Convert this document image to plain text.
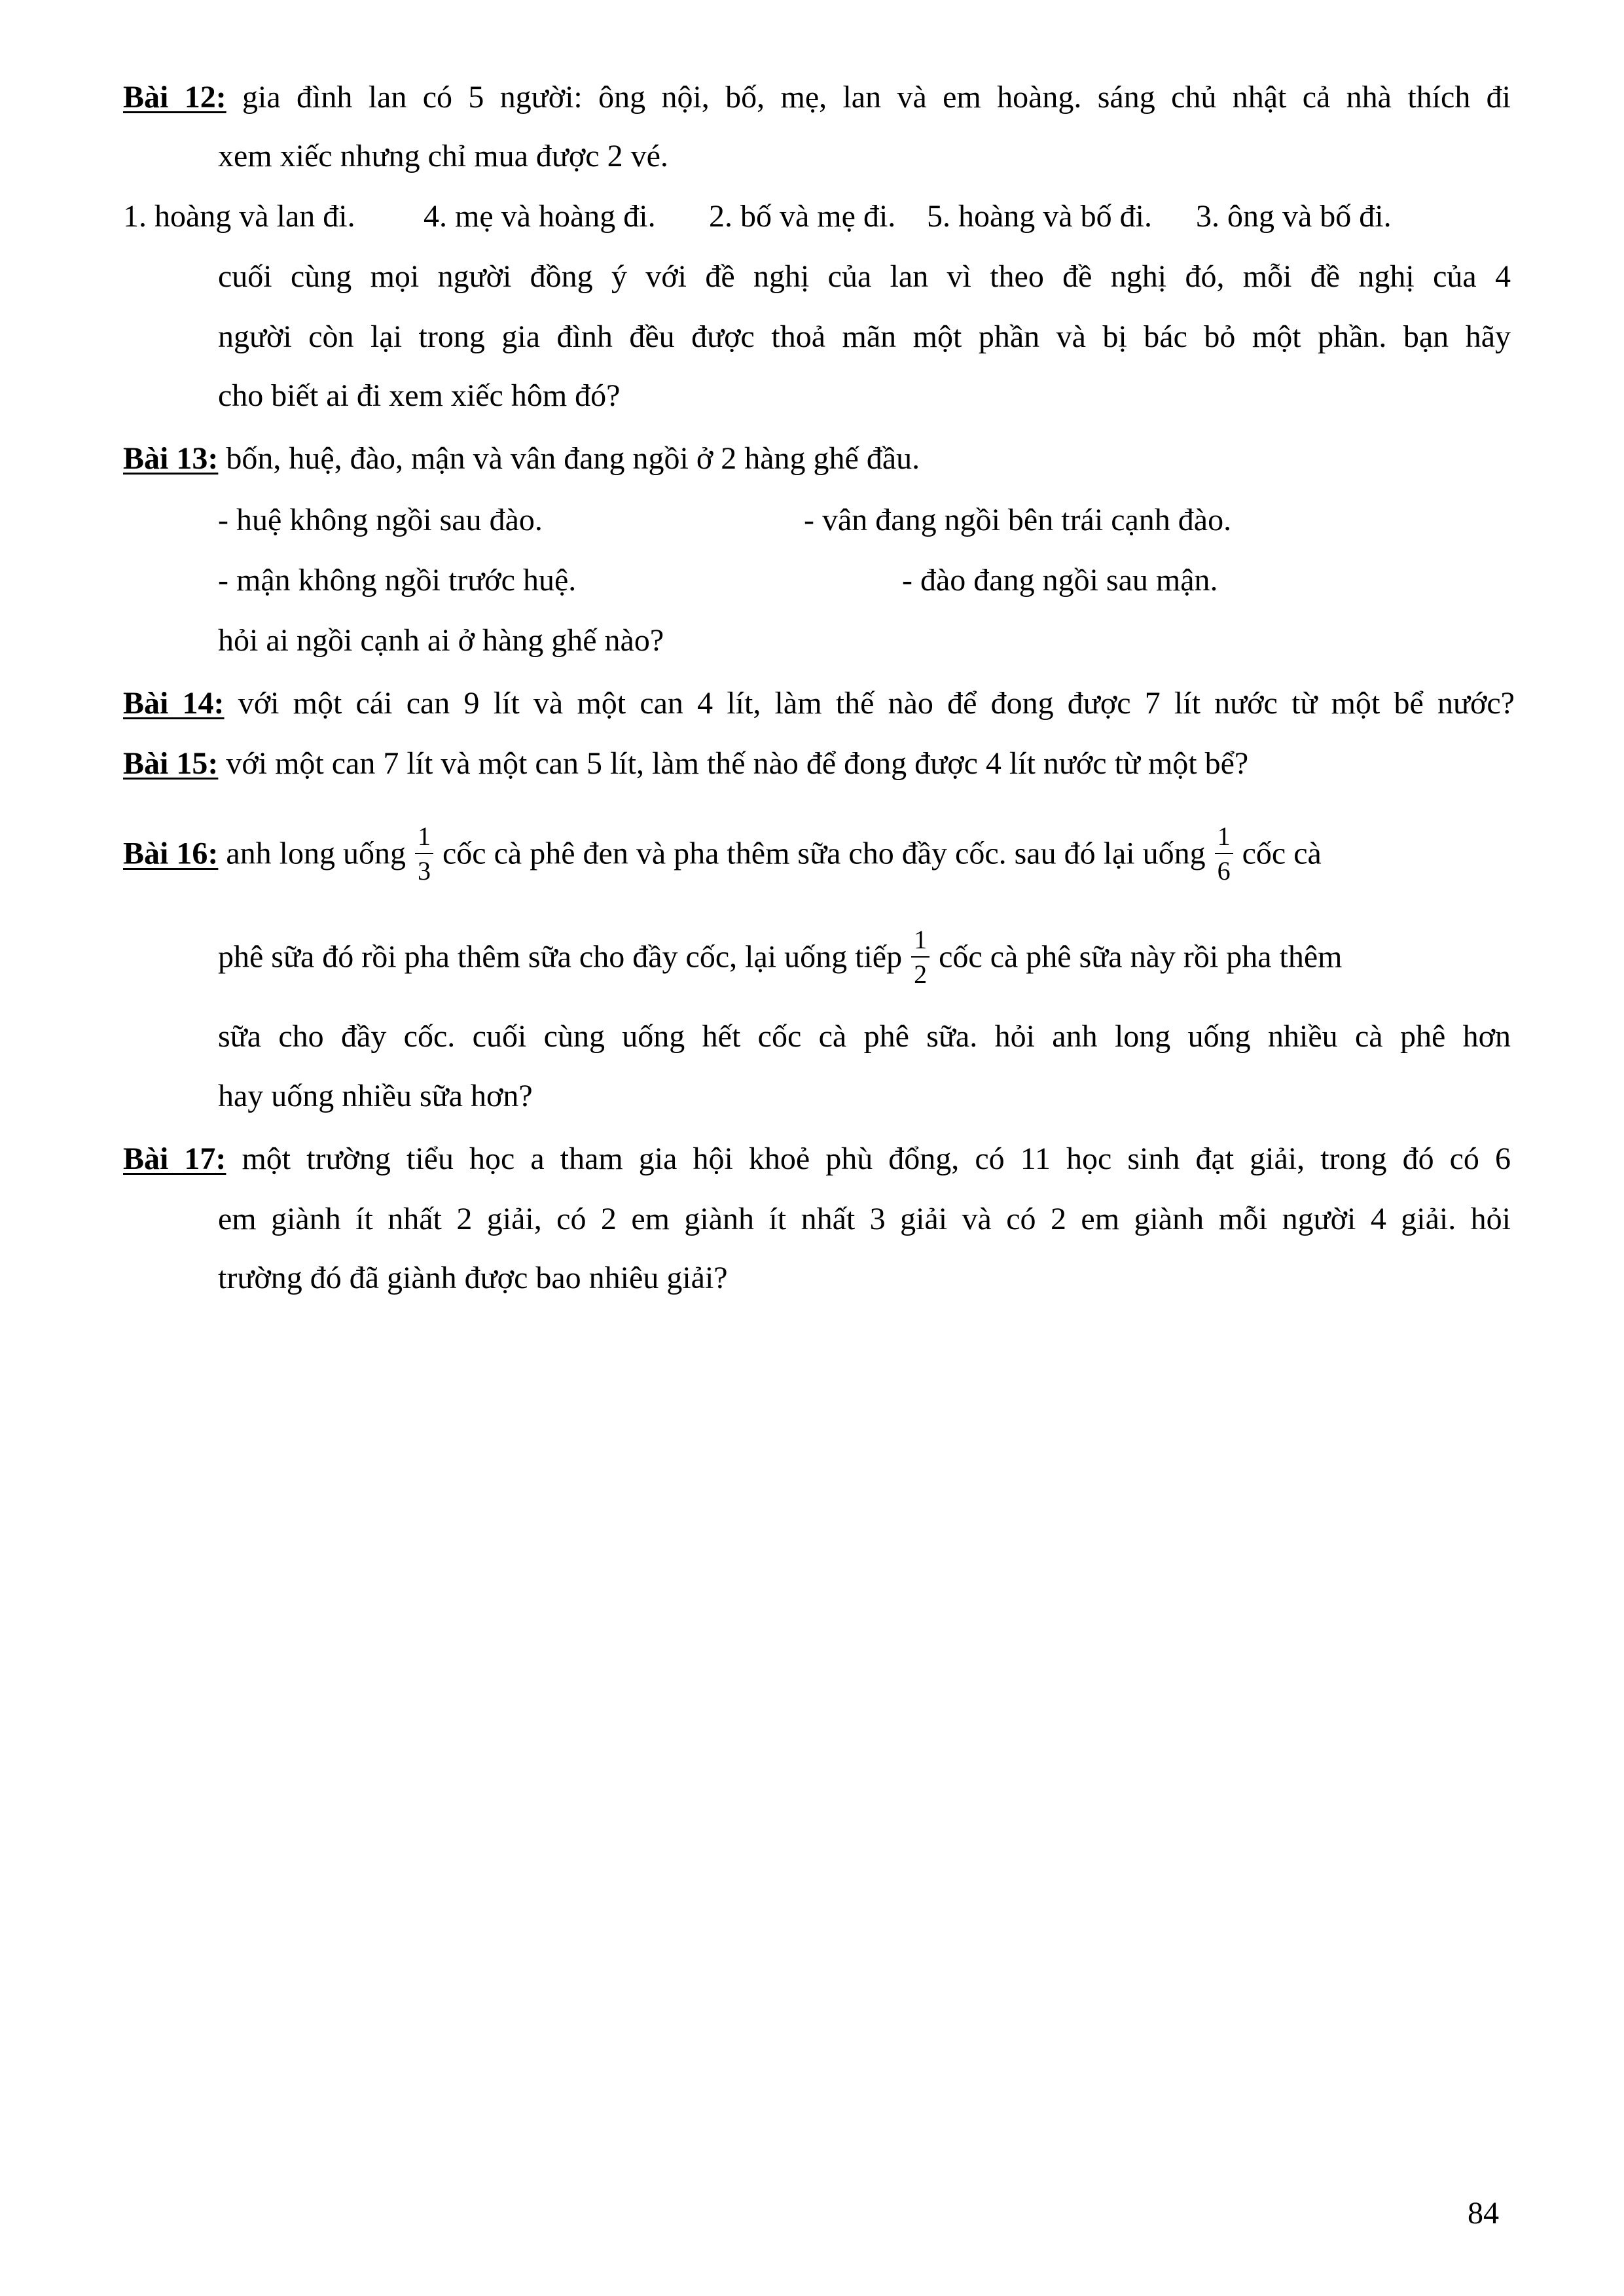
Bài 12: gia đình lan có 5 người: ông nội, bố, mẹ, lan và em hoàng. sáng chủ nhật cả nhà thích đi
xem xiếc nhưng chỉ mua được 2 vé.
1. hoàng và lan đi. 4. mẹ và hoàng đi. 2. bố và mẹ đi. 5. hoàng và bố đi. 3. ông và bố đi.
cuối cùng mọi người đồng ý với đề nghị của lan vì theo đề nghị đó, mỗi đề nghị của 4
người còn lại trong gia đình đều được thoả mãn một phần và bị bác bỏ một phần. bạn hãy
cho biết ai đi xem xiếc hôm đó?
Bài 13: bốn, huệ, đào, mận và vân đang ngồi ở 2 hàng ghế đầu.
- huệ không ngồi sau đào.	- vân đang ngồi bên trái cạnh đào.
- mận không ngồi trước huệ.	- đào đang ngồi sau mận.
hỏi ai ngồi cạnh ai ở hàng ghế nào?
Bài 14: với một cái can 9 lít và một can 4 lít, làm thế nào để đong được 7 lít nước từ một bể nước?
Bài 15: với một can 7 lít và một can 5 lít, làm thế nào để đong được 4 lít nước từ một bể?
Bài 16: anh long uống $\frac{1}{3}$ cốc cà phê đen và pha thêm sữa cho đầy cốc. sau đó lại uống $\frac{1}{6}$ cốc cà
phê sữa đó rồi pha thêm sữa cho đầy cốc, lại uống tiếp $\frac{1}{2}$ cốc cà phê sữa này rồi pha thêm
sữa cho đầy cốc. cuối cùng uống hết cốc cà phê sữa. hỏi anh long uống nhiều cà phê hơn
hay uống nhiều sữa hơn?
Bài 17: một trường tiểu học a tham gia hội khoẻ phù đổng, có 11 học sinh đạt giải, trong đó có 6
em giành ít nhất 2 giải, có 2 em giành ít nhất 3 giải và có 2 em giành mỗi người 4 giải. hỏi
trường đó đã giành được bao nhiêu giải?
84
